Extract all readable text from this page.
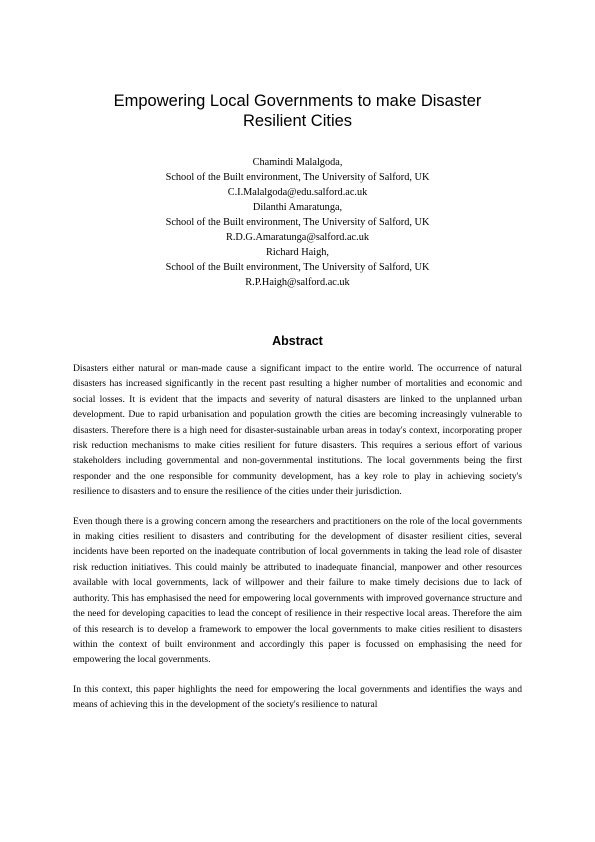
Empowering Local Governments to make Disaster
Resilient Cities
Chamindi Malalgoda,
School of the Built environment, The University of Salford, UK
C.I.Malalgoda@edu.salford.ac.uk
Dilanthi Amaratunga,
School of the Built environment, The University of Salford, UK
R.D.G.Amaratunga@salford.ac.uk
Richard Haigh,
School of the Built environment, The University of Salford, UK
R.P.Haigh@salford.ac.uk
Abstract

Disasters either natural or man-made cause a significant impact to the entire world. The occurrence of natural disasters has increased significantly in the recent past resulting a higher number of mortalities and economic and social losses. It is evident that the impacts and severity of natural disasters are linked to the unplanned urban development. Due to rapid urbanisation and population growth the cities are becoming increasingly vulnerable to disasters. Therefore there is a high need for disaster-sustainable urban areas in today's context, incorporating proper risk reduction mechanisms to make cities resilient for future disasters. This requires a serious effort of various stakeholders including governmental and non-governmental institutions. The local governments being the first responder and the one responsible for community development, has a key role to play in achieving society's resilience to disasters and to ensure the resilience of the cities under their jurisdiction.

Even though there is a growing concern among the researchers and practitioners on the role of the local governments in making cities resilient to disasters and contributing for the development of disaster resilient cities, several incidents have been reported on the inadequate contribution of local governments in taking the lead role of disaster risk reduction initiatives. This could mainly be attributed to inadequate financial, manpower and other resources available with local governments, lack of willpower and their failure to make timely decisions due to lack of authority. This has emphasised the need for empowering local governments with improved governance structure and the need for developing capacities to lead the concept of resilience in their respective local areas. Therefore the aim of this research is to develop a framework to empower the local governments to make cities resilient to disasters within the context of built environment and accordingly this paper is focussed on emphasising the need for empowering the local governments.

In this context, this paper highlights the need for empowering the local governments and identifies the ways and means of achieving this in the development of the society's resilience to natural
